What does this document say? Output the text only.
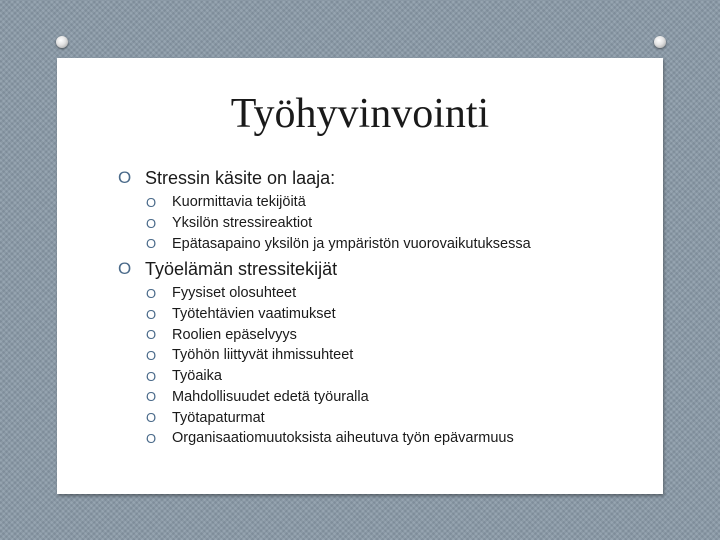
Työhyvinvointi
O Stressin käsite on laaja:
O	Kuormittavia tekijöitä
O	Yksilön stressireaktiot
O	Epätasapaino yksilön ja ympäristön vuorovaikutuksessa
O Työelämän stressitekijät
O	Fyysiset olosuhteet
O	Työtehtävien vaatimukset
O	Roolien epäselvyys
O	Työhön liittyvät ihmissuhteet
O	Työaika
O	Mahdollisuudet edetä työuralla
O	Työtapaturmat
O	Organisaatiomuutoksista aiheutuva työn epävarmuus
